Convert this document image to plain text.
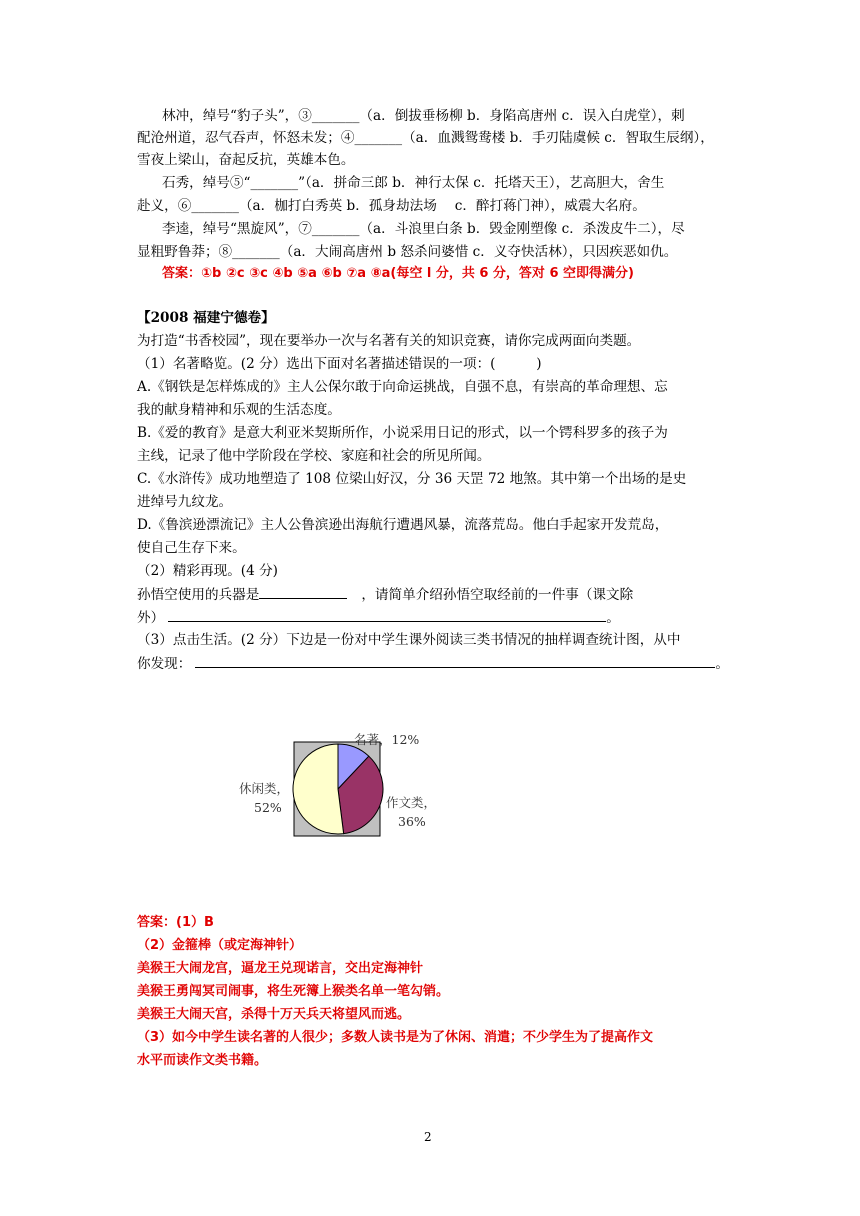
林冲，绰号“豹子头”，③_______（a．倒拔垂杨柳 b．身陷高唐州 c．误入白虎堂），刺
配沧州道，忍气吞声，怀怒未发；④_______（a．血溅鸳鸯楼 b．手刃陆虞候 c．智取生辰纲），
雪夜上梁山，奋起反抗，英雄本色。
石秀，绰号⑤“_______”（a．拼命三郎 b．神行太保 c．托塔天王），艺高胆大，舍生
赴义，⑥_______（a．枷打白秀英 b．孤身劫法场　 c．醉打蒋门神），威震大名府。
李逵，绰号“黑旋风”，⑦_______（a．斗浪里白条 b．毁金刚塑像 c．杀泼皮牛二），尽
显粗野鲁莽；⑧_______（a．大闹高唐州 b 怒杀问婆惜 c．义夺快活林），只因疾恶如仇。
答案：①b ②c ③c ④b ⑤a ⑥b ⑦a ⑧a(每空 l 分，共 6 分，答对 6 空即得满分)
【2008 福建宁德卷】
为打造“书香校园”，现在要举办一次与名著有关的知识竞赛，请你完成两面向类题。
（1）名著略览。(2 分）选出下面对名著描述错误的一项：(　　　)
A.《钢铁是怎样炼成的》主人公保尔敢于向命运挑战，自强不息，有崇高的革命理想、忘
我的献身精神和乐观的生活态度。
B.《爱的教育》是意大利亚米契斯所作，小说采用日记的形式，以一个锷科罗多的孩子为
主线，记录了他中学阶段在学校、家庭和社会的所见所闻。
C.《水浒传》成功地塑造了 108 位梁山好汉，分 36 天罡 72 地煞。其中第一个出场的是史
进绰号九纹龙。
D.《鲁滨逊漂流记》主人公鲁滨逊出海航行遭遇风暴，流落荒岛。他白手起家开发荒岛，
使自己生存下来。
（2）精彩再现。(4 分)
孙悟空使用的兵器是	，请简单介绍孙悟空取经前的一件事（课文除
外）	。
（3）点击生活。(2 分）下边是一份对中学生课外阅读三类书情况的抽样调查统计图，从中
你发现：	。
名著，12%
作文类，
36%
休闲类，
52%
答案：(1）B
（2）金箍棒（或定海神针）
美猴王大闹龙宫，逼龙王兑现诺言，交出定海神针
美猴王勇闯冥司闹事，将生死簿上猴类名单一笔勾销。
美猴王大闹天宫，杀得十万天兵天将望风而逃。
（3）如今中学生读名著的人很少；多数人读书是为了休闲、消遣；不少学生为了提高作文
水平而读作文类书籍。
2
